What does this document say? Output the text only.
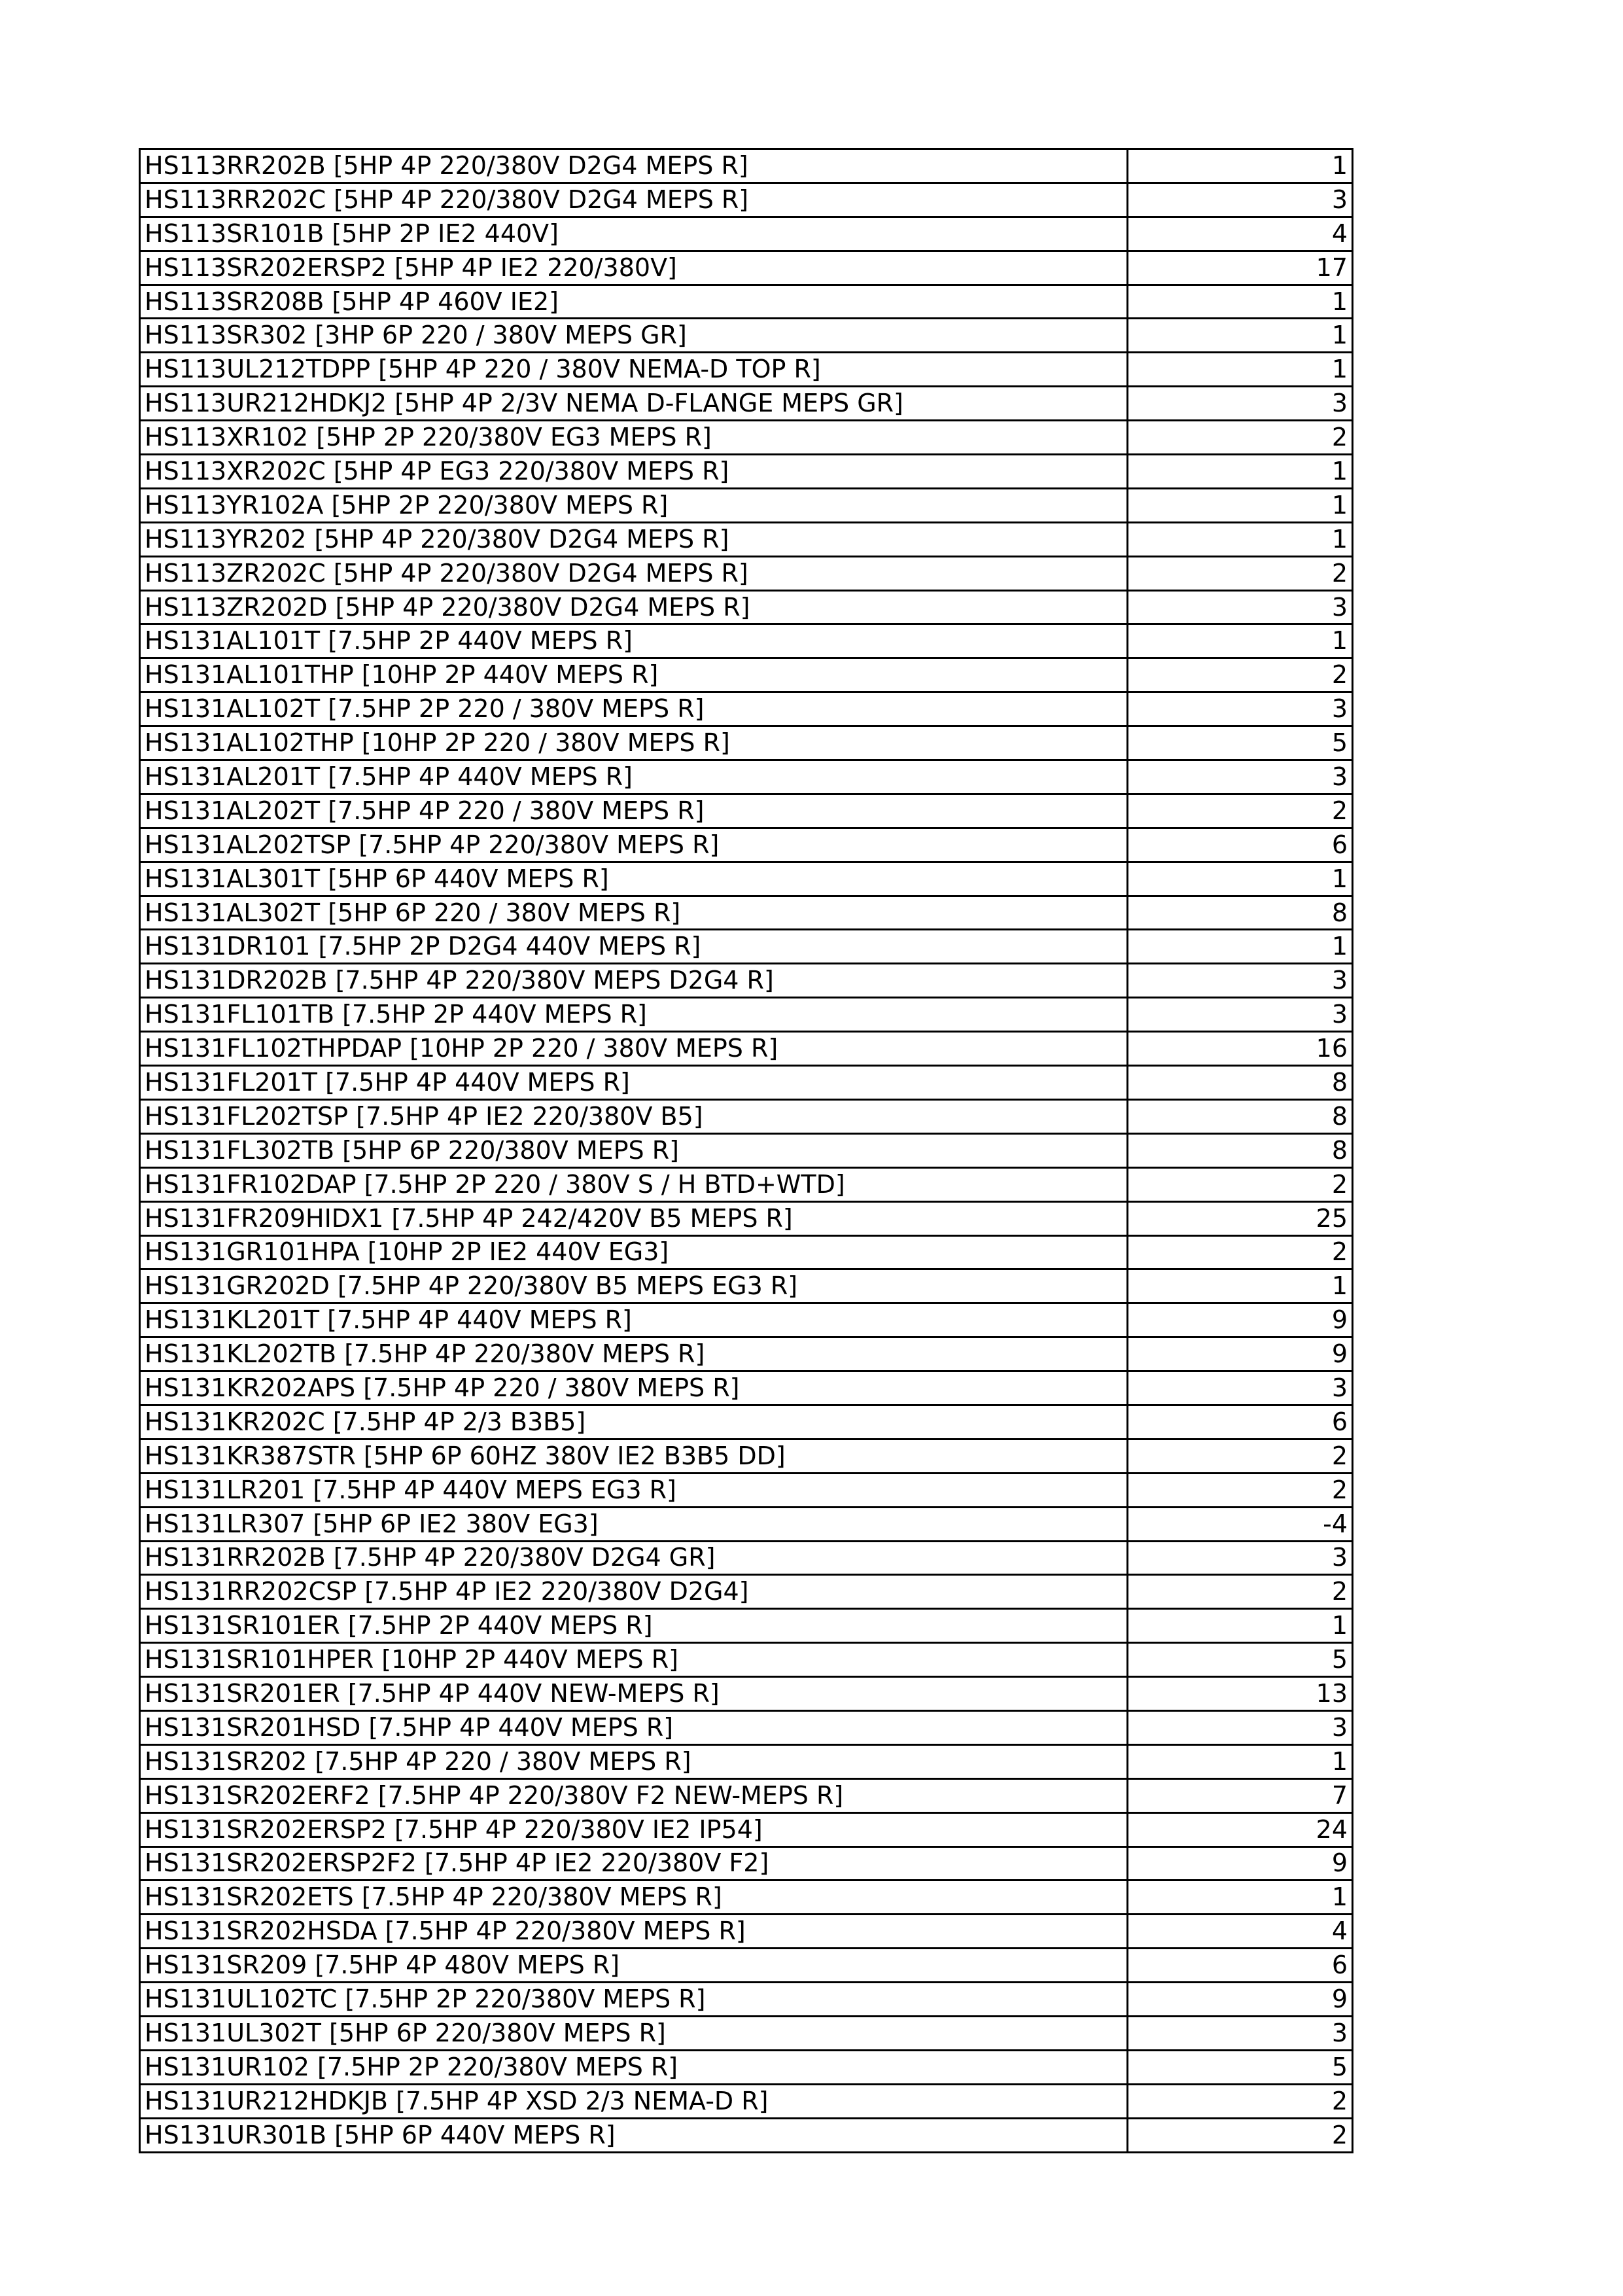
HS113RR202B [5HP 4P 220/380V D2G4 MEPS R]	1
HS113RR202C [5HP 4P 220/380V D2G4 MEPS R]	3
HS113SR101B [5HP 2P IE2 440V]	4
HS113SR202ERSP2 [5HP 4P IE2 220/380V]	17
HS113SR208B [5HP 4P 460V IE2]	1
HS113SR302 [3HP 6P 220 / 380V MEPS GR]	1
HS113UL212TDPP [5HP 4P 220 / 380V NEMA-D TOP R]	1
HS113UR212HDKJ2 [5HP 4P 2/3V NEMA D-FLANGE MEPS GR]	3
HS113XR102 [5HP 2P 220/380V EG3 MEPS R]	2
HS113XR202C [5HP 4P EG3 220/380V MEPS R]	1
HS113YR102A [5HP 2P 220/380V MEPS R]	1
HS113YR202 [5HP 4P 220/380V D2G4 MEPS R]	1
HS113ZR202C [5HP 4P 220/380V D2G4 MEPS R]	2
HS113ZR202D [5HP 4P 220/380V D2G4 MEPS R]	3
HS131AL101T [7.5HP 2P 440V MEPS R]	1
HS131AL101THP [10HP 2P 440V MEPS R]	2
HS131AL102T [7.5HP 2P 220 / 380V MEPS R]	3
HS131AL102THP [10HP 2P 220 / 380V MEPS R]	5
HS131AL201T [7.5HP 4P 440V MEPS R]	3
HS131AL202T [7.5HP 4P 220 / 380V MEPS R]	2
HS131AL202TSP [7.5HP 4P 220/380V MEPS R]	6
HS131AL301T [5HP 6P 440V MEPS R]	1
HS131AL302T [5HP 6P 220 / 380V MEPS R]	8
HS131DR101 [7.5HP 2P D2G4 440V MEPS R]	1
HS131DR202B [7.5HP 4P 220/380V MEPS D2G4 R]	3
HS131FL101TB [7.5HP 2P 440V MEPS R]	3
HS131FL102THPDAP [10HP 2P 220 / 380V MEPS R]	16
HS131FL201T [7.5HP 4P 440V MEPS R]	8
HS131FL202TSP [7.5HP 4P IE2 220/380V B5]	8
HS131FL302TB [5HP 6P 220/380V MEPS R]	8
HS131FR102DAP [7.5HP 2P 220 / 380V S / H BTD+WTD]	2
HS131FR209HIDX1 [7.5HP 4P 242/420V B5 MEPS R]	25
HS131GR101HPA [10HP 2P IE2 440V EG3]	2
HS131GR202D [7.5HP 4P 220/380V B5 MEPS EG3 R]	1
HS131KL201T [7.5HP 4P 440V MEPS R]	9
HS131KL202TB [7.5HP 4P 220/380V MEPS R]	9
HS131KR202APS [7.5HP 4P 220 / 380V MEPS R]	3
HS131KR202C [7.5HP 4P 2/3 B3B5]	6
HS131KR387STR [5HP 6P 60HZ 380V IE2 B3B5 DD]	2
HS131LR201 [7.5HP 4P 440V MEPS EG3 R]	2
HS131LR307 [5HP 6P IE2 380V EG3]	-4
HS131RR202B [7.5HP 4P 220/380V D2G4 GR]	3
HS131RR202CSP [7.5HP 4P IE2 220/380V D2G4]	2
HS131SR101ER [7.5HP 2P 440V MEPS R]	1
HS131SR101HPER [10HP 2P 440V MEPS R]	5
HS131SR201ER [7.5HP 4P 440V NEW-MEPS R]	13
HS131SR201HSD [7.5HP 4P 440V MEPS R]	3
HS131SR202 [7.5HP 4P 220 / 380V MEPS R]	1
HS131SR202ERF2 [7.5HP 4P 220/380V F2 NEW-MEPS R]	7
HS131SR202ERSP2 [7.5HP 4P 220/380V IE2 IP54]	24
HS131SR202ERSP2F2 [7.5HP 4P IE2 220/380V F2]	9
HS131SR202ETS [7.5HP 4P 220/380V MEPS R]	1
HS131SR202HSDA [7.5HP 4P 220/380V MEPS R]	4
HS131SR209 [7.5HP 4P 480V MEPS R]	6
HS131UL102TC [7.5HP 2P 220/380V MEPS R]	9
HS131UL302T [5HP 6P 220/380V MEPS R]	3
HS131UR102 [7.5HP 2P 220/380V MEPS R]	5
HS131UR212HDKJB [7.5HP 4P XSD 2/3 NEMA-D R]	2
HS131UR301B [5HP 6P 440V MEPS R]	2
